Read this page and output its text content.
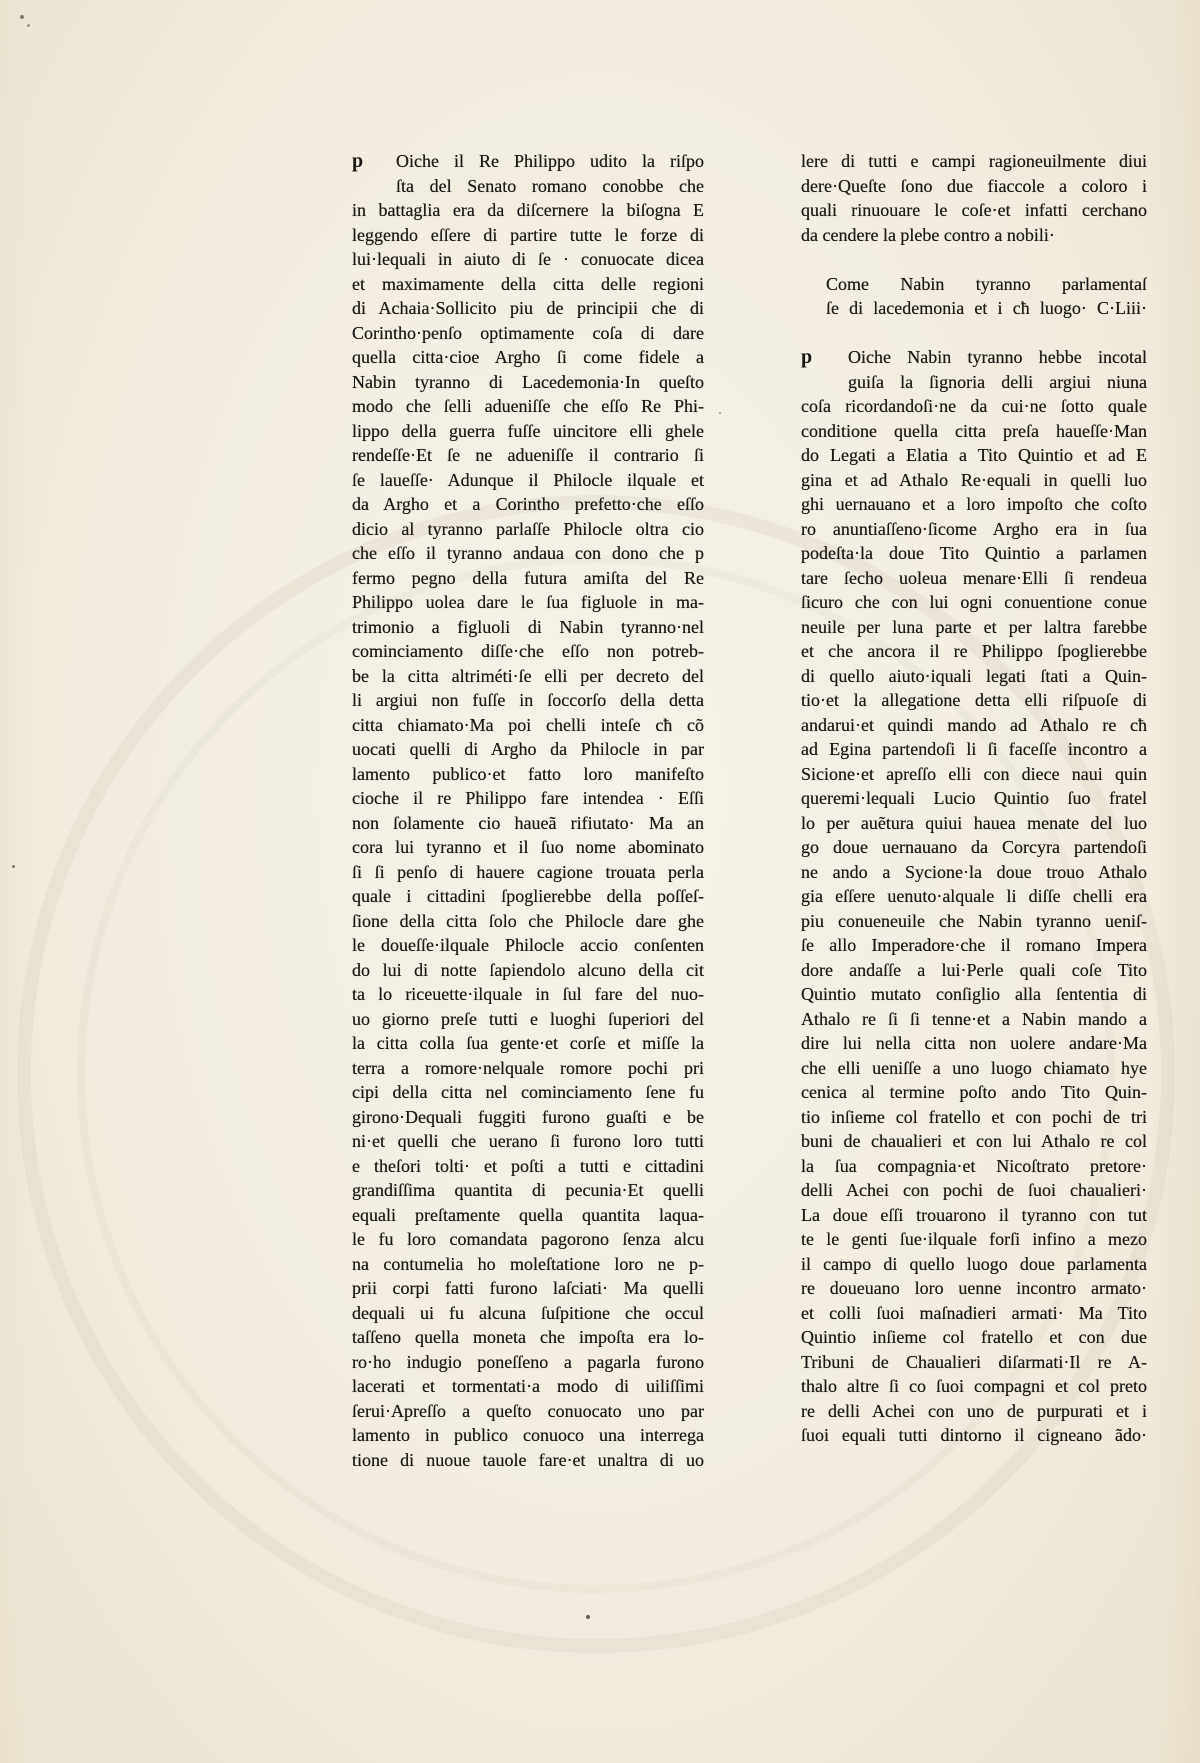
p	Oiche il Re Philippo udito la riſpo
ſta del Senato romano conobbe che
in battaglia era da diſcernere la biſogna E
leggendo eſſere di partire tutte le forze di
lui·lequali in aiuto di ſe · conuocate dicea
et maximamente della citta delle regioni
di Achaia·Sollicito piu de principii che di
Corintho·penſo optimamente coſa di dare
quella citta·cioe Argho ſi come fidele a
Nabin tyranno di Lacedemonia·In queſto
modo che ſelli adueniſſe che eſſo Re Phi-
lippo della guerra fuſſe uincitore elli ghele
rendeſſe·Et ſe ne adueniſſe il contrario ſi
ſe laueſſe· Adunque il Philocle ilquale et
da Argho et a Corintho prefetto·che eſſo
dicio al tyranno parlaſſe Philocle oltra cio
che eſſo il tyranno andaua con dono che p
fermo pegno della futura amiſta del Re
Philippo uolea dare le ſua figluole in ma-
trimonio a figluoli di Nabin tyranno·nel
cominciamento diſſe·che eſſo non potreb-
be la citta altriméti·ſe elli per decreto del
li argiui non fuſſe in ſoccorſo della detta
citta chiamato·Ma poi chelli inteſe cħ cõ
uocati quelli di Argho da Philocle in par
lamento publico·et fatto loro manifeſto
cioche il re Philippo fare intendea · Eſſi
non ſolamente cio haueã rifiutato· Ma an
cora lui tyranno et il ſuo nome abominato
ſi ſi penſo di hauere cagione trouata perla
quale i cittadini ſpoglierebbe della poſſeſ-
ſione della citta ſolo che Philocle dare ghe
le doueſſe·ilquale Philocle accio conſenten
do lui di notte ſapiendolo alcuno della cit
ta lo riceuette·ilquale in ſul fare del nuo-
uo giorno preſe tutti e luoghi ſuperiori del
la citta colla ſua gente·et corſe et miſſe la
terra a romore·nelquale romore pochi pri
cipi della citta nel cominciamento ſene fu
girono·Dequali fuggiti furono guaſti e be
ni·et quelli che uerano ſi furono loro tutti
e theſori tolti· et poſti a tutti e cittadini
grandiſſima quantita di pecunia·Et quelli
equali preſtamente quella quantita laqua-
le fu loro comandata pagorono ſenza alcu
na contumelia ho moleſtatione loro ne p-
prii corpi fatti furono laſciati· Ma quelli
dequali ui fu alcuna ſuſpitione che occul
taſſeno quella moneta che impoſta era lo-
ro·ho indugio poneſſeno a pagarla furono
lacerati et tormentati·a modo di uiliſſimi
ſerui·Apreſſo a queſto conuocato uno par
lamento in publico conuoco una interrega
tione di nuoue tauole fare·et unaltra di uo
lere di tutti e campi ragioneuilmente diui
dere·Queſte ſono due fiaccole a coloro i
quali rinuouare le coſe·et infatti cerchano
da cendere la plebe contro a nobili·
Come Nabin tyranno parlamentaſ
ſe di lacedemonia et i cħ luogo· C·Liii·
p	Oiche Nabin tyranno hebbe incotal
guiſa la ſignoria delli argiui niuna
coſa ricordandoſi·ne da cui·ne ſotto quale
conditione quella citta preſa haueſſe·Man
do Legati a Elatia a Tito Quintio et ad E
gina et ad Athalo Re·equali in quelli luo
ghi uernauano et a loro impoſto che coſto
ro anuntiaſſeno·ſicome Argho era in ſua
podeſta·la doue Tito Quintio a parlamen
tare ſecho uoleua menare·Elli ſi rendeua
ſicuro che con lui ogni conuentione conue
neuile per luna parte et per laltra farebbe
et che ancora il re Philippo ſpoglierebbe
di quello aiuto·iquali legati ſtati a Quin-
tio·et la allegatione detta elli riſpuoſe di
andarui·et quindi mando ad Athalo re cħ
ad Egina partendoſi li ſi faceſſe incontro a
Sicione·et apreſſo elli con diece naui quin
queremi·lequali Lucio Quintio ſuo fratel
lo per auẽtura quiui hauea menate del luo
go doue uernauano da Corcyra partendoſi
ne ando a Sycione·la doue trouo Athalo
gia eſſere uenuto·alquale li diſſe chelli era
piu conueneuile che Nabin tyranno ueniſ-
ſe allo Imperadore·che il romano Impera
dore andaſſe a lui·Perle quali coſe Tito
Quintio mutato conſiglio alla ſententia di
Athalo re ſi ſi tenne·et a Nabin mando a
dire lui nella citta non uolere andare·Ma
che elli ueniſſe a uno luogo chiamato hye
cenica al termine poſto ando Tito Quin-
tio inſieme col fratello et con pochi de tri
buni de chaualieri et con lui Athalo re col
la ſua compagnia·et Nicoſtrato pretore·
delli Achei con pochi de ſuoi chaualieri·
La doue eſſi trouarono il tyranno con tut
te le genti ſue·ilquale forſi infino a mezo
il campo di quello luogo doue parlamenta
re doueuano loro uenne incontro armato·
et colli ſuoi maſnadieri armati· Ma Tito
Quintio inſieme col fratello et con due
Tribuni de Chaualieri diſarmati·Il re A-
thalo altre ſi co ſuoi compagni et col preto
re delli Achei con uno de purpurati et i
ſuoi equali tutti dintorno il cigneano ãdo·
